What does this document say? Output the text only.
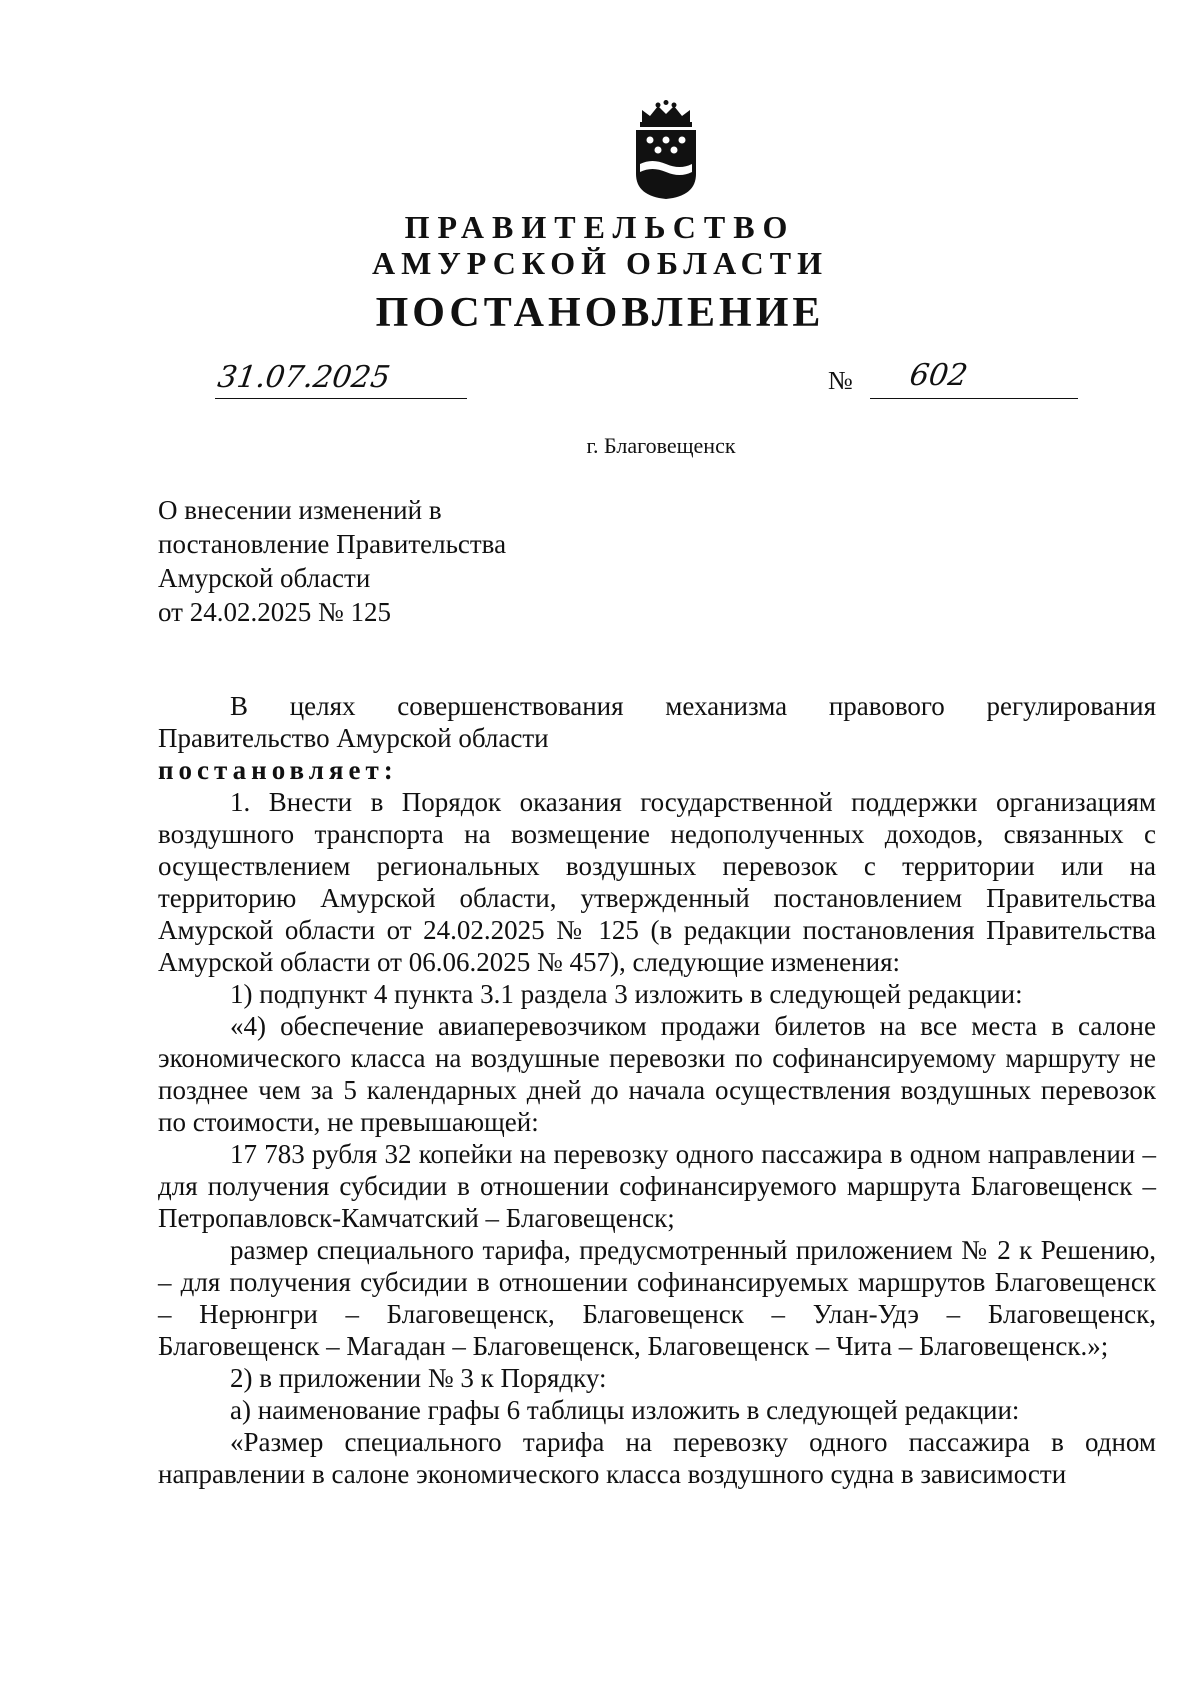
ПРАВИТЕЛЬСТВО
АМУРСКОЙ ОБЛАСТИ
ПОСТАНОВЛЕНИЕ
31.07.2025	№ 602
г. Благовещенск
О внесении изменений в
постановление Правительства
Амурской области
от 24.02.2025 № 125

В целях совершенствования механизма правового регулирования

Правительство Амурской области

постановляет:

1. Внести в Порядок оказания государственной поддержки организациям воздушного транспорта на возмещение недополученных доходов, связанных с осуществлением региональных воздушных перевозок с территории или на территорию Амурской области, утвержденный постановлением Правительства Амурской области от 24.02.2025 № 125 (в редакции постановления Правительства Амурской области от 06.06.2025 № 457), следующие изменения:

1) подпункт 4 пункта 3.1 раздела 3 изложить в следующей редакции:

«4) обеспечение авиаперевозчиком продажи билетов на все места в салоне экономического класса на воздушные перевозки по софинансируемому маршруту не позднее чем за 5 календарных дней до начала осуществления воздушных перевозок по стоимости, не превышающей:

17 783 рубля 32 копейки на перевозку одного пассажира в одном направлении – для получения субсидии в отношении софинансируемого маршрута Благовещенск – Петропавловск-Камчатский – Благовещенск;

размер специального тарифа, предусмотренный приложением № 2 к Решению, – для получения субсидии в отношении софинансируемых маршрутов Благовещенск – Нерюнгри – Благовещенск, Благовещенск – Улан-Удэ – Благовещенск, Благовещенск – Магадан – Благовещенск, Благовещенск – Чита – Благовещенск.»;

2) в приложении № 3 к Порядку:

а) наименование графы 6 таблицы изложить в следующей редакции:

«Размер специального тарифа на перевозку одного пассажира в одном направлении в салоне экономического класса воздушного судна в зависимости
